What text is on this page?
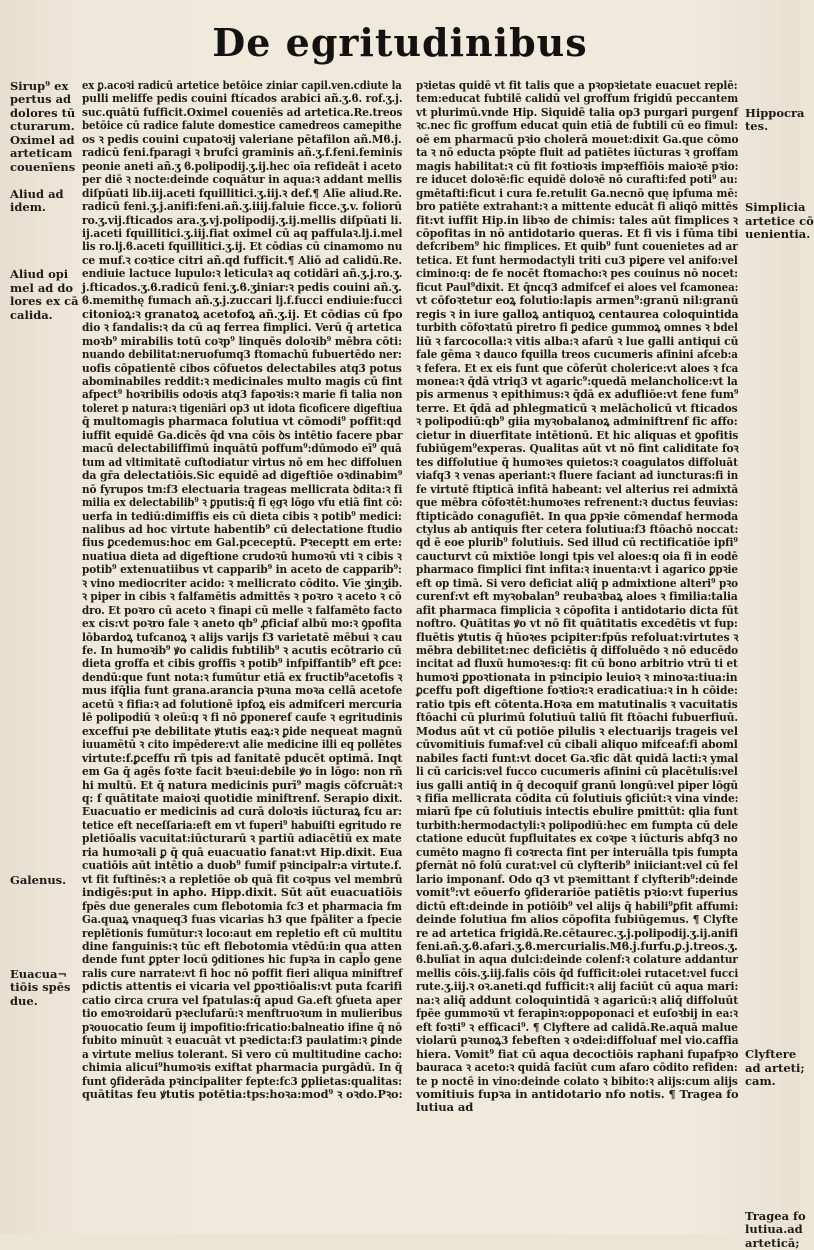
De egritudinibus
Sirup⁹ ex
pertus ad
dolores tū
cturarum.
Oximel ad
arteticam
couenīens
Aliud ad
idem.
Aliud opi
mel ad do
lores ex cā
calida.
Galenus.
Euacua¬
tiōis spēs
due.
Hippocra
tes.
Simplicia
artetice cō
uenientia.
Clyftere
ad arteti;
cam.
Tragea fo
lutiua.ad
arteticā;
ex ꝑ.acoꝛi radicū artetice betōice ziniar capil.ven.cdiute la
pulli meliffe pedis couini ftícados arabici añ.ʒ.ϐ. rof.ʒ.j.
suc.quātū fufficit.Oximel coueniēs ad artetica.Re.treos
betōice cū radice falute domestice camedreos camepithe
os ꝛ pedis couini cupatoꝛij valeriane pētafilon añ.Mϐ.j.
radicū feni.fparagi ꝛ brufci graminis añ.ʒ.f.feni.feminis
peonie aneti añ.ʒ ϐ.polipodij.ʒ.ij.hec oīa refideāt i aceto
per diē ꝛ nocte:deinde coquātur in aqua:ꝛ addant mellis
diſpūati lib.iij.aceti fquillitici.ʒ.iij.ꝛ def.¶ Alīe aliud.Re.
radicū feni.ʒ.j.anifi:feni.añ.ʒ.iiij.faluie ficce.ʒ.v. foliorū
ro.ʒ.vij.fticados ara.ʒ.vj.polipodij.ʒ.ij.mellis diſpūati li.
ij.aceti fquillitici.ʒ.iij.fiat oximel cū aq paffulaꝛ.lj.i.mel
lis ro.lj.ϐ.aceti fquillitici.ʒ.ij. Et cōdias cū cinamomo nu
ce muf.ꝛ coꝛtice citri añ.qd fufficit.¶ Aliō ad calidū.Re.
endiuie lactuce lupulo:ꝛ leticulaꝛ aq cotidāri añ.ʒ.j.ro.ʒ.
j.fticados.ʒ.ϐ.radicū feni.ʒ.ϐ.ʒiniar:ꝛ pedis couini añ.ʒ.
ϐ.memithę fumach añ.ʒ.j.zuccari lj.f.fucci endiuie:fucci
citonioꝝ:ꝛ granatoꝝ acetofoꝝ añ.ʒ.ij. Et cōdias cū fpo
dio ꝛ fandalis:ꝛ da cū aq ferrea fimplici. Verū q̄ artetica
moꝛb⁹ mirabilis totū coꝛp⁹ linquēs doloꝛib⁹ mēbra cōti:
nuando debilitat:neruofumq3 ftomachū fubuertēdo ner:
uofis cōpatientē cibos cōfuetos delectabiles atq3 potus
abominabiles reddit:ꝛ medicinales multo magis cū fint
afpect⁹ hoꝛribilis odoꝛis atq3 fapoꝛis:ꝛ marie fi talia non
toleret p natura:ꝛ tigeniāri op3 ut idota ficoficere digeftiua
q̄ multomagis pharmaca folutiua vt cōmodi⁹ poffit:qd
iuffit equidē Ga.dicēs q̄d vna cōis ꝺs intētio facere pbar
macū delectabiliffimū inquātū poffum⁹:dūmodo eī⁹ quā
tum ad vltimitatē cuſtodiatur virtus nō em hec diffoluen
da gr̄a delectatiōis.Sic equidē ad digeftiōe oꝛdinabim⁹
nō fyrupos tm:f3 electuaria trageas mellicrata ꝺdita:ꝛ fi
milia ex delectabilib⁹ ꝛ ꝑputis:q̄ fi ęgꝛ lōgo vfu etiā fint cō:
uerfa in tediū:dimiffis eis cū dieta cibis ꝛ potib⁹ medici:
nalibus ad hoc virtute habentib⁹ cū delectatione ftudio
fius ꝑcedemus:hoc em Gal.pceceptū. Pꝛeceptt em erte:
nuatiua dieta ad digeftione crudoꝛū humoꝛū vti ꝛ cibis ꝛ
potib⁹ extenuatiibus vt capparib⁹ in aceto de capparib⁹:
ꝛ vino mediocriter acido: ꝛ mellicrato cōdito. Vīe ʒinʒib.
ꝛ piper in cibis ꝛ falfamētis admittēs ꝛ poꝛro ꝛ aceto ꝛ cō
dro. Et poꝛro cū aceto ꝛ finapi cū melle ꝛ falfamēto facto
ex cis:vt poꝛro fale ꝛ aneto qb⁹ ꝓficiaf albū mo:ꝛ ꝯpofita
lōbardoꝝ tufcanoꝝ ꝛ alijs varijs f3 varietatē mēbui ꝛ cau
fe. In humoꝛib⁹ ꝟo calidis fubtilib⁹ ꝛ acutis ecōtrario cū
dieta groffa et cibis groffis ꝛ potib⁹ infpiffantib⁹ eft ꝑce:
dendū:que funt nota:ꝛ fumūtur etiā ex fructib⁹acetofis ꝛ
mus ifq̄lia funt grana.arancia pꝛuna moꝛa cellā acetofe
acetū ꝛ fifia:ꝛ ad folutionē ipfoꝝ eis admifceri mercuria
lē polipodiū ꝛ oleū:q ꝛ fi nō ꝑponeref caufe ꝛ egritudinis
exceffui pꝛe debilitate ꝟtutis eaꝝ:ꝛ ꝑide nequeat magnū
iuuamētū ꝛ cito impēdere:vt alie medicine illi eq pollētes
virtute:f.ꝑceffu rñ tpis ad fanitatē pducēt optimā. Inqt
em Ga q̄ agēs foꝛte facit bꝛeui:debile ꝟo in lōgo: non rñ
hi multū. Et q̄ natura medicinis purī⁹ magis cōfcruāt:ꝛ
q: f quātitate maioꝛi quotidie miniftrenf. Serapio dixit.
Euacuatio er medicinis ad curā doloꝛis iūcturaꝝ fcu ar:
tetice eft neceſſaria:eft em vt fuperi⁹ habuiſti egritudo re
pletiōalis vacuitat:iūcturarū ꝛ partiū adiacētiū ex mate
ria humoꝛali ꝑ q̄ quā euacuatio fanat:vt Hip.dixit. Eua
cuatiōis aūt intētio a duob⁹ fumif pꝛincipalr:a virtute.f.
vt fit fuftinēs:ꝛ a repletiōe ob quā fit coꝛpus vel membrū
indigēs:put in apho. Hipp.dixit. Sūt aūt euacuatiōis
fpēs due generales cum flebotomia fc3 et pharmacia fm
Ga.quaꝝ vnaqueq3 fuas vicarias h3 que fpāliter a fpecie
replētionis fumūtur:ꝛ loco:aut em repletio eft cū multitu
dine fanguinis:ꝛ tūc eft flebotomia vtēdū:in qua atten
dende funt ꝑpter locū ꝯditiones hic fupꝛa in capl̄o gene
ralis cure narrate:vt fi hoc nō poffit fieri aliqua miniftref
pdictis attentis ei vicaria vel ꝑpoꝛtiōalis:vt puta fcarifi
catio circa crura vel fpatulas:q̄ apud Ga.eft ꝯfueta aper
tio emoꝛroidarū pꝛeclufarū:ꝛ menftruoꝛum in mulieribus
pꝛouocatio ſeum ij impofitio:fricatio:balneatio ifine q̄ nō
fubito minuūt ꝛ euacuāt vt pꝛedicta:f3 paulatim:ꝛ ꝑinde
a virtute melius tolerant. Si vero cū multitudine cacho:
chimia alicui⁹humoꝛis exiftat pharmacia purgādū. In q̄
funt ꝯfiderāda pꝛincipaliter fepte:fc3 ꝑplietas:qualitas:
quātitas feu ꝟtutis potētia:tps:hoꝛa:mod⁹ ꝛ oꝛdo.Pꝛo:
pꝛietas quidē vt fit talis que a pꝛopꝛietate euacuet replē:
tem:educat fubtilē calidū vel groffum frigidū peccantem
vt plurimū.vnde Hip. Siquidē talia op3 purgari purgenf
ꝛc.nec fic groffum educat quin etiā de fubtili cū eo fimul:
oē em pharmacū pꝛio cholerā mouet:dixit Ga.que cōmo
ta ꝛ nō educta pꝛōpte fluit ad patiētes iūcturas ꝛ groffam
magis habilitat:ꝛ cū fit foꝛtioꝛis impꝛeffiōis maioꝛē pꝛio:
re iducet doloꝛē:fic equidē doloꝛē nō curafti:fed poti⁹ au:
gmētafti:ficut i cura fe.retulit Ga.necnō quę ipfuma mē:
bro patiēte extrahant:ꝛ a mittente educāt fi aliqō mittēs
fit:vt iuffit Hip.in libꝛo de chimis: tales aūt fimplices ꝛ
cōpofitas in nō antidotario queras. Et fi vis i fūma tibi
defcribem⁹ hic fimplices. Et quib⁹ funt couenietes ad ar
tetica. Et funt hermodactyli triti cu3 piꝑere vel anifo:vel
cimino:q: de fe nocēt ftomacho:ꝛ pes couinus nō nocet:
ficut Paul⁹dixit. Et q̄ncq3 admifcef ei aloes vel fcamonea:
vt cōfoꝛtetur eoꝝ folutio:lapis armen⁹:granū nil:granū
regis ꝛ in iure galloꝝ antiquoꝝ centaurea coloquintida
turbith cōfoꝛtatū piretro fi ꝑedice gummoꝝ omnes ꝛ bdel
liū ꝛ farcocolla:ꝛ vitis alba:ꝛ afarū ꝛ lue galli antiqui cū
fale gēma ꝛ dauco fquilla treos cucumeris afinini afceb:a
ꝛ fefera. Et ex eis funt que cōferūt cholerice:vt aloes ꝛ fca
monea:ꝛ q̄dā vtriq3 vt agaric⁹:quedā melancholice:vt la
pis armenus ꝛ epithimus:ꝛ q̄dā ex adufliōe:vt fene fum⁹
terre. Et q̄dā ad phlegmaticū ꝛ melācholicū vt fticados
ꝛ polipodiū:qb⁹ giia myꝛobalanoꝝ adminiftrenf fic affo:
cietur in diuerfitate intētionū. Et hic aliquas et ꝯpofitis
fubiūgem⁹experas. Qualitas aūt vt nō fint caliditate foꝛ
tes diffolutiue q̄ humoꝛes quietos:ꝛ coagulatos diffoluāt
viafq3 ꝛ venas aperiant:ꝛ fluere faciant ad iuncturas:fi in
fe virtutē ftipticā infitā habeant: vel alterius rei admixtā
que mēbra cōfoꝛtēt:humoꝛes refrenent:ꝛ ductus feuvias:
ftipticādo conagufiēt. In qua ꝑpꝛie cōmendaf hermoda
ctylus ab antiquis fter cetera folutiua:f3 ftōachō noccat:
qd ē eoe plurib⁹ folutiuis. Sed illud cū rectificatiōe ipfi⁹
caucturvt cū mixtiōe longi tpis vel aloes:q oia fi in eodē
pharmaco fimplici fint infita:ꝛ inuenta:vt i agarico ꝑpꝛie
eft op timā. Si vero deficiat aliq̄ p admixtione alteri⁹ pꝛo
curenf:vt eft myꝛobalan⁹ reubaꝛbaꝝ aloes ꝛ fimilia:talia
afit pharmaca fimplicia ꝛ cōpofita i antidotario dicta fūt
noftro. Quātitas ꝟo vt nō fit quātitatis excedētis vt fup:
fluētis ꝟtutis q̄ hūoꝛes pcipiter:fpūs refoluat:virtutes ꝛ
mēbra debilitet:nec deficiētis q̄ diffoluēdo ꝛ nō educēdo
incitat ad fluxū humoꝛes:q: fit cū bono arbitrio vtrū ti et
humoꝛi ꝑpoꝛtionata in pꝛincipio leuioꝛ ꝛ minoꝛa:tiua:in
ꝑceffu poft digeftione foꝛtioꝛ:ꝛ eradicatiua:ꝛ in h cōide:
ratio tpis eft cōtenta.Hoꝛa em matutinalis ꝛ vacuitatis
ftōachi cū plurimū folutiuū taliū fit ftōachi fubuerfiuū.
Modus aūt vt cū potiōe pilulis ꝛ electuarijs trageis vel
cūvomitiuis fumaf:vel cū cibali aliquo mifceaf:fi aboml
nabiles facti funt:vt docet Ga.ꝛfic dāt quidā lacti:ꝛ ymal
li cū caricis:vel fucco cucumeris afinini cū placētulis:vel
ius galli antiq̄ in q̄ decoquif granū longū:vel piper lōgū
ꝛ fifia mellicrata cōdita cū folutiuis ꝯficiūt:ꝛ vina vinde:
miarū fpe cū folutiuis intectis ebulire pmittūt: qlia funt
turbith:hermodactyli:ꝛ polipodiū:hec em fumpta cū dele
ctatione educūt fupfluitates ex coꝛpe ꝛ iūcturis abfq3 no
cumēto magno fi coꝛrecta fint per interuālla tpis fumpta
ꝑfernāt nō folū curat:vel cū clyfterib⁹ iniiciant:vel cū fel
lario imponanf. Odo q3 vt pꝛemittant f clyfterib⁹:deinde
vomit⁹:vt eōuerfo ꝯfiderariōe patiētis pꝛio:vt fuperius
dictū eft:deinde in potiōib⁹ vel alijs q̄ habili⁹ꝑfit affumi:
deinde folutiua fm alios cōpofita fubiūgemus. ¶ Clyfte
re ad artetica frigidā.Re.cētaurec.ʒ.j.polipodij.ʒ.ij.anifi
feni.añ.ʒ.ϐ.afari.ʒ.ϐ.mercurialis.Mϐ.j.furfu.ꝑ.j.treos.ʒ.
ϐ.bulīat in aqua dulci:deinde colenf:ꝛ colature addantur
mellis cōis.ʒ.iij.falis cōis q̄d fufficit:olei rutacet:vel fucci
rute.ʒ.iij.ꝛ oꝛ.aneti.qd fufficit:ꝛ alij faciūt cū aqua mari:
na:ꝛ aliq̄ addunt coloquintidā ꝛ agaricū:ꝛ aliq̄ diffoluūt
fpēe gummoꝛū vt ferapinꝛ:oppoponaci et euſoꝛbij in ea:ꝛ
eft foꝛti⁹ ꝛ efficaci⁹. ¶ Clyftere ad calidā.Re.aquā malue
violarū pꝛunoꝝ3 febeften ꝛ oꝛdei:diffoluaf mel vio.caffia
hiera. Vomit⁹ fiat cū aqua decoctiōis raphani fupafpꝛo
bauraca ꝛ aceto:ꝛ quidā faciūt cum afaro cōdito refiden:
te p noctē in vino:deinde colato ꝛ bibito:ꝛ alijs:cum alijs
vomitiuis fupꝛa in antidotario nfo notis. ¶ Tragea fo
lutiua ad
